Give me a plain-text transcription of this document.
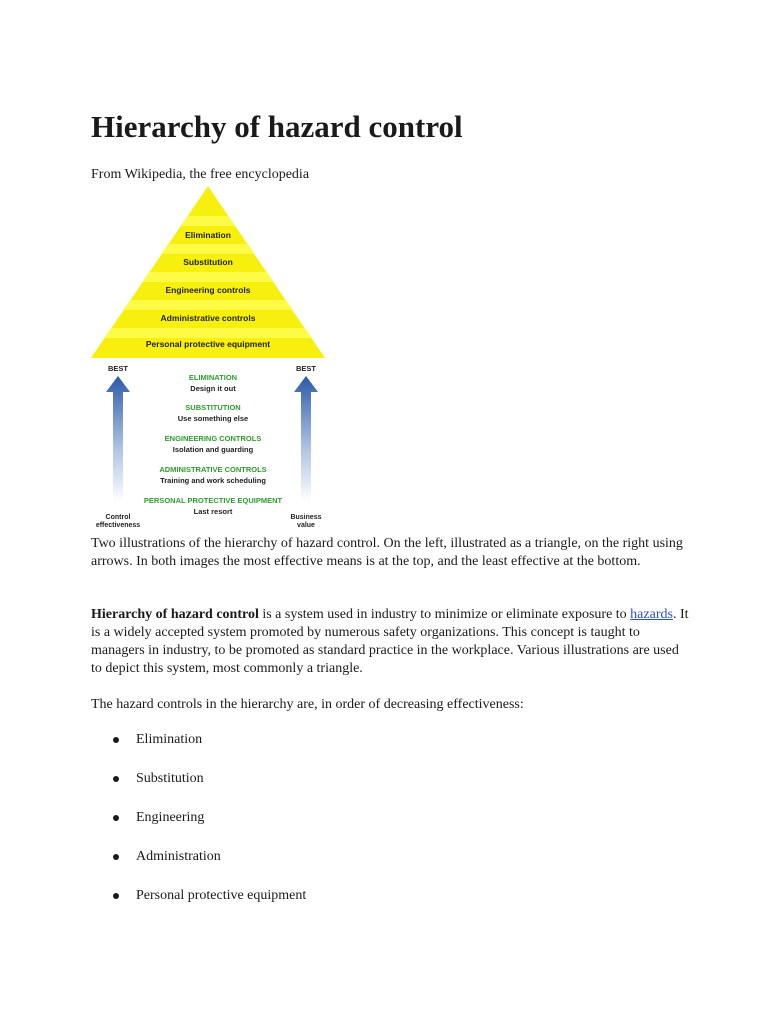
Hierarchy of hazard control

From Wikipedia, the free encyclopedia

Elimination
Substitution
Engineering controls
Administrative controls
Personal protective equipment
BEST
Control
effectiveness
BEST
Business
value
ELIMINATION
Design it out
SUBSTITUTION
Use something else
ENGINEERING CONTROLS
Isolation and guarding
ADMINISTRATIVE CONTROLS
Training and work scheduling
PERSONAL PROTECTIVE EQUIPMENT
Last resort

Two illustrations of the hierarchy of hazard control. On the left, illustrated as a triangle, on the right using arrows. In both images the most effective means is at the top, and the least effective at the bottom.

Hierarchy of hazard control is a system used in industry to minimize or eliminate exposure to hazards. It is a widely accepted system promoted by numerous safety organizations. This concept is taught to managers in industry, to be promoted as standard practice in the workplace. Various illustrations are used to depict this system, most commonly a triangle.

The hazard controls in the hierarchy are, in order of decreasing effectiveness:

Elimination
Substitution
Engineering
Administration
Personal protective equipment
